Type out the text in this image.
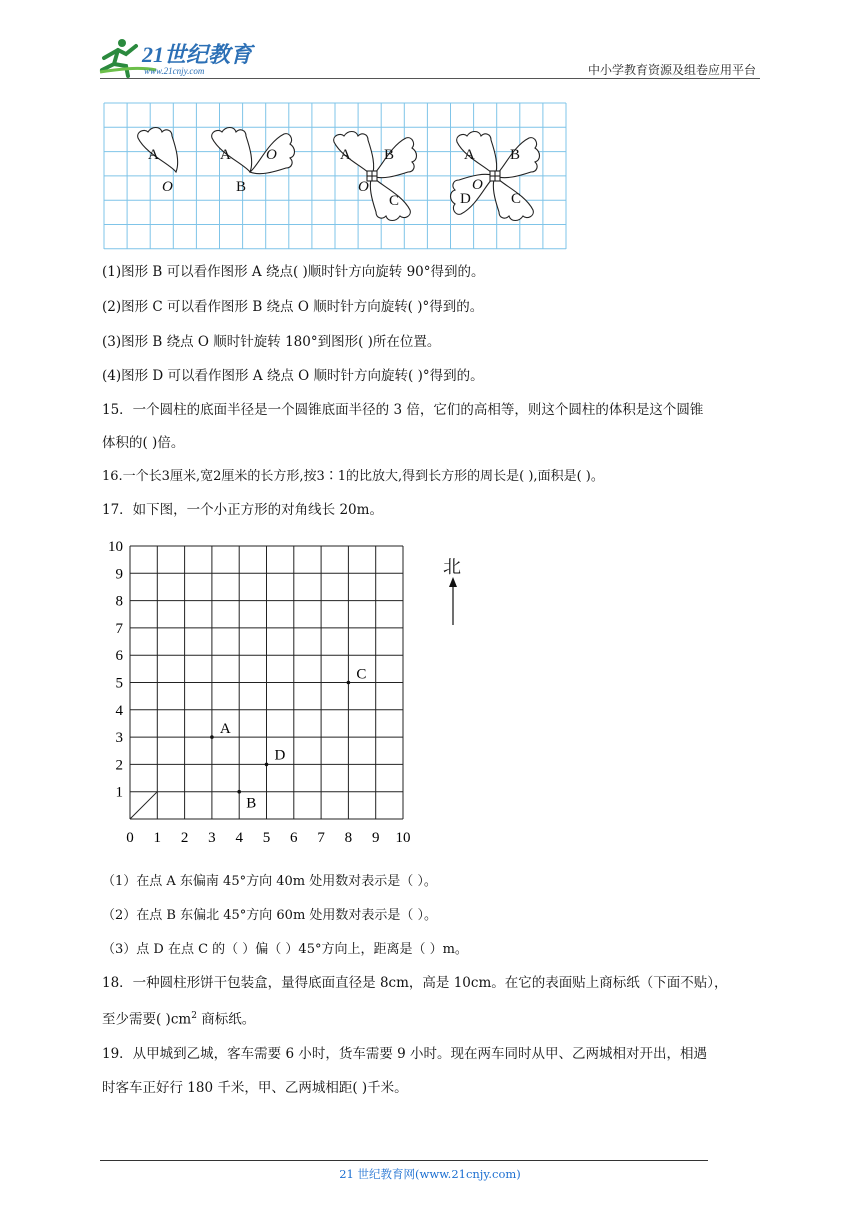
21世纪教育
www.21cnjy.com	中小学教育资源及组卷应用平台
A
O
A
B
O	A B
O
C
A B
O
D	C
(1)图形 B 可以看作图形 A 绕点( )顺时针方向旋转 90°得到的。
(2)图形 C 可以看作图形 B 绕点 O 顺时针方向旋转( )°得到的。
(3)图形 B 绕点 O 顺时针旋转 180°到图形( )所在位置。
(4)图形 D 可以看作图形 A 绕点 O 顺时针方向旋转( )°得到的。
15．一个圆柱的底面半径是一个圆锥底面半径的 3 倍，它们的高相等，则这个圆柱的体积是这个圆锥
体积的( )倍。
16.一个长3厘米,宽2厘米的长方形,按3∶1的比放大,得到长方形的周长是( ),面积是( )。
17．如下图，一个小正方形的对角线长 20m。
0 1 2 3 4 5 6 7 8 9 10
1
2
3
4
5
6
7
8
9
10
A
B
C
D
北
（1）在点 A 东偏南 45°方向 40m 处用数对表示是（ ）。
（2）在点 B 东偏北 45°方向 60m 处用数对表示是（ ）。
（3）点 D 在点 C 的（ ）偏（ ）45°方向上，距离是（ ）m。
18．一种圆柱形饼干包装盒，量得底面直径是 8cm，高是 10cm。在它的表面贴上商标纸（下面不贴），
至少需要( )$cm^2$ 商标纸。
19．从甲城到乙城，客车需要 6 小时，货车需要 9 小时。现在两车同时从甲、乙两城相对开出，相遇
时客车正好行 180 千米，甲、乙两城相距( )千米。
21 世纪教育网(www.21cnjy.com)
